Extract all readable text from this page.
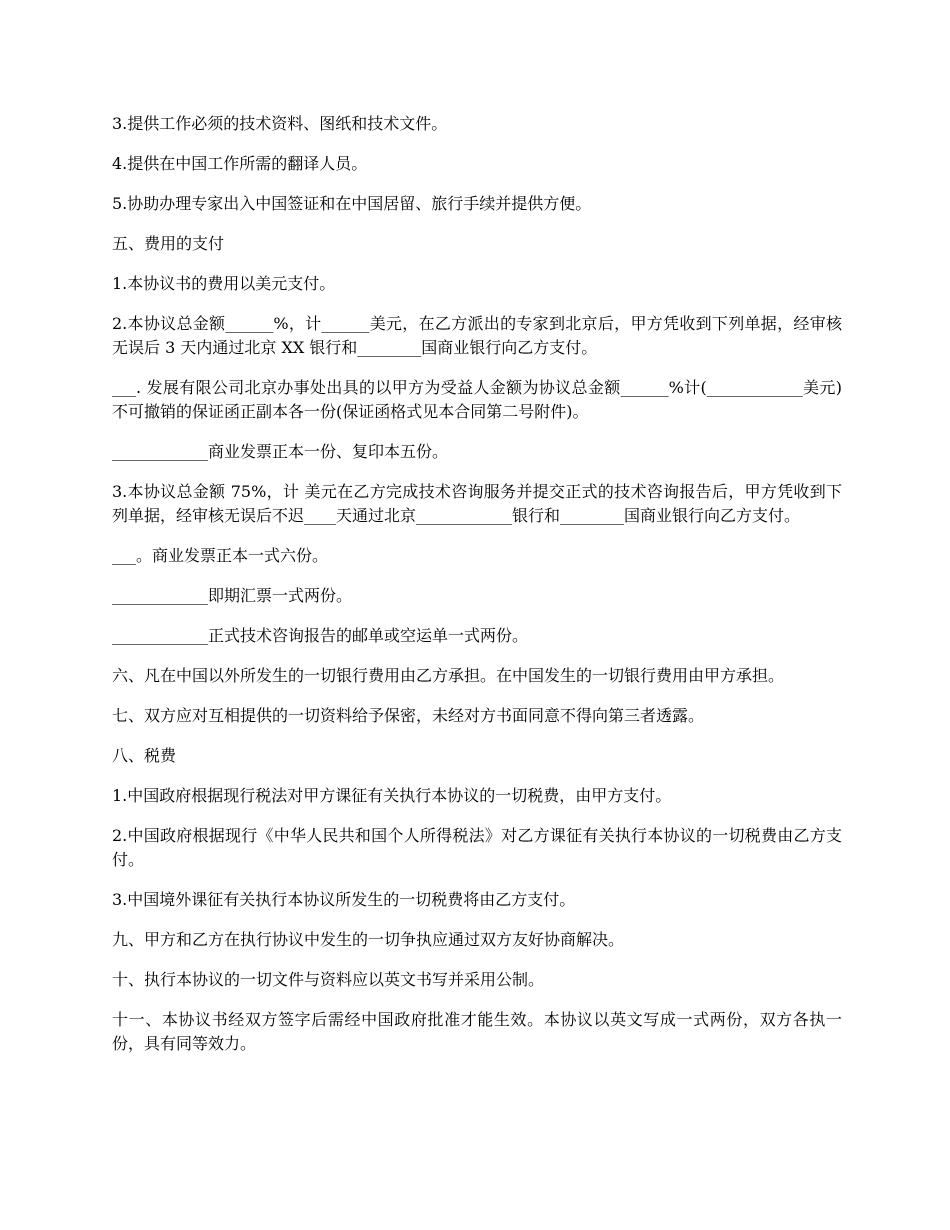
3.提供工作必须的技术资料、图纸和技术文件。

4.提供在中国工作所需的翻译人员。

5.协助办理专家出入中国签证和在中国居留、旅行手续并提供方便。

五、费用的支付

1.本协议书的费用以美元支付。

2.本协议总金额______%，计______美元，在乙方派出的专家到北京后，甲方凭收到下列单据，经审核无误后 3 天内通过北京 XX 银行和________国商业银行向乙方支付。

___. 发展有限公司北京办事处出具的以甲方为受益人金额为协议总金额______%计(____________美元)不可撤销的保证函正副本各一份(保证函格式见本合同第二号附件)。

____________商业发票正本一份、复印本五份。

3.本协议总金额 75%，计 美元在乙方完成技术咨询服务并提交正式的技术咨询报告后，甲方凭收到下列单据，经审核无误后不迟____天通过北京____________银行和________国商业银行向乙方支付。

___。商业发票正本一式六份。

____________即期汇票一式两份。

____________正式技术咨询报告的邮单或空运单一式两份。

六、凡在中国以外所发生的一切银行费用由乙方承担。在中国发生的一切银行费用由甲方承担。

七、双方应对互相提供的一切资料给予保密，未经对方书面同意不得向第三者透露。

八、税费

1.中国政府根据现行税法对甲方课征有关执行本协议的一切税费，由甲方支付。

2.中国政府根据现行《中华人民共和国个人所得税法》对乙方课征有关执行本协议的一切税费由乙方支付。

3.中国境外课征有关执行本协议所发生的一切税费将由乙方支付。

九、甲方和乙方在执行协议中发生的一切争执应通过双方友好协商解决。

十、执行本协议的一切文件与资料应以英文书写并采用公制。

十一、本协议书经双方签字后需经中国政府批准才能生效。本协议以英文写成一式两份，双方各执一份，具有同等效力。
